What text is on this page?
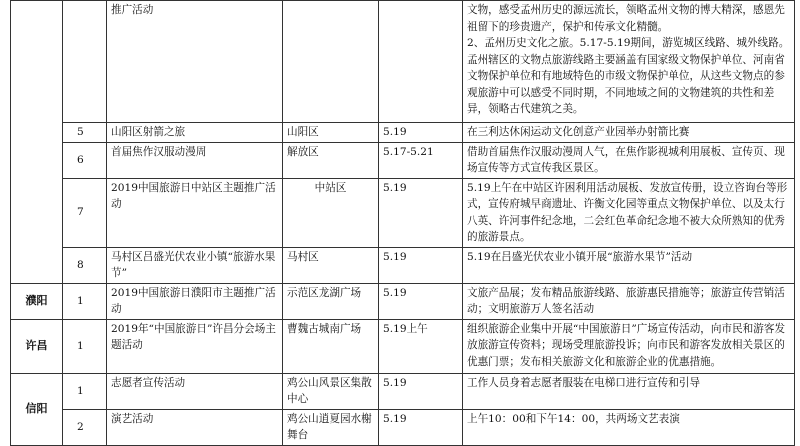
		推广活动			文物，感受孟州历史的源远流长，领略孟州文物的博大精深，感恩先祖留下的珍贵遗产，保护和传承文化精髓。
2、孟州历史文化之旅。5.17-5.19期间，游览城区线路、城外线路。孟州辖区的文物点旅游线路主要涵盖有国家级文物保护单位、河南省文物保护单位和有地域特色的市级文物保护单位，从这些文物点的参观旅游中可以感受不同时期，不同地域之间的文物建筑的共性和差异，领略古代建筑之美。
	5	山阳区射箭之旅	山阳区	5.19	在三利达休闲运动文化创意产业园举办射箭比赛
	6	首届焦作汉服动漫周	解放区	5.17-5.21	借助首届焦作汉服动漫周人气，在焦作影视城利用展板、宣传页、现场宣传等方式宣传我区景区。
	7	2019中国旅游日中站区主题推广活动	中站区	5.19	5.19上午在中站区许困利用活动展板、发放宣传册，设立咨询台等形式，宣传府城早商遗址、许衡文化园等重点文物保护单位、以及太行八英、许河事件纪念地，二会红色革命纪念地不被大众所熟知的优秀的旅游景点。
	8	马村区吕盛光伏农业小镇“旅游水果节”	马村区	5.19	5.19在吕盛光伏农业小镇开展“旅游水果节”活动
濮阳	1	2019中国旅游日濮阳市主题推广活动	示范区龙湖广场	5.19	文旅产品展；发布精品旅游线路、旅游惠民措施等；旅游宣传营销活动；文明旅游万人签名活动
许昌	1	2019年“中国旅游日”许昌分会场主题活动	曹魏古城南广场	5.19上午	组织旅游企业集中开展“中国旅游日”广场宣传活动，向市民和游客发放旅游宣传资料；现场受理旅游投诉；向市民和游客发放相关景区的优惠门票；发布相关旅游文化和旅游企业的优惠措施。
信阳	1	志愿者宣传活动	鸡公山风景区集散中心	5.19	工作人员身着志愿者服装在电梯口进行宣传和引导
	2	演艺活动	鸡公山逍夏园水榭舞台	5.19	上午10：00和下午14：00，共两场文艺表演
